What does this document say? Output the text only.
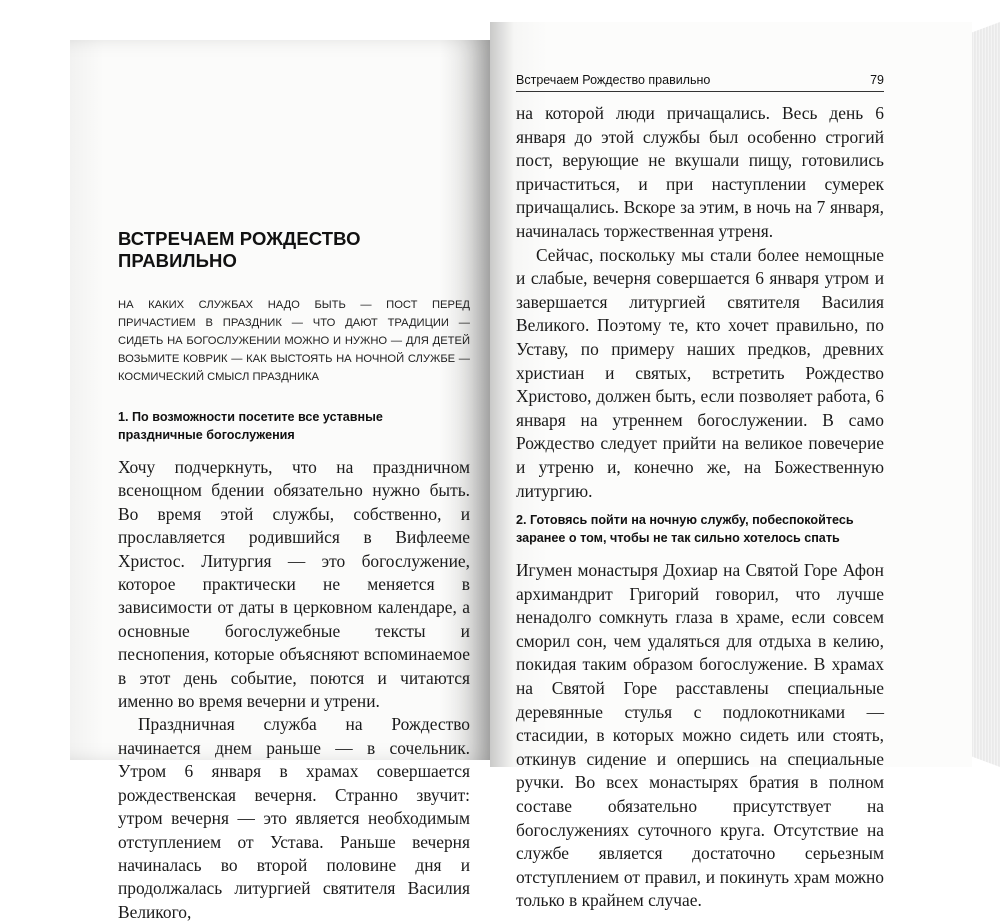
ВСТРЕЧАЕМ РОЖДЕСТВО ПРАВИЛЬНО

НА КАКИХ СЛУЖБАХ НАДО БЫТЬ — ПОСТ ПЕРЕД ПРИЧАСТИЕМ В ПРАЗДНИК — ЧТО ДАЮТ ТРАДИЦИИ — СИДЕТЬ НА БОГОСЛУЖЕНИИ МОЖНО И НУЖНО — ДЛЯ ДЕТЕЙ ВОЗЬМИТЕ КОВРИК — КАК ВЫСТОЯТЬ НА НОЧНОЙ СЛУЖБЕ — КОСМИЧЕСКИЙ СМЫСЛ ПРАЗДНИКА

1. По возможности посетите все уставные праздничные богослужения

Хочу подчеркнуть, что на праздничном всенощном бдении обязательно нужно быть. Во время этой службы, собственно, и прославляется родившийся в Вифлееме Христос. Литургия — это богослужение, которое практически не меняется в зависимости от даты в церковном календаре, а основные богослужебные тексты и песнопения, которые объясняют вспоминаемое в этот день событие, поются и читаются именно во время вечерни и утрени.

Праздничная служба на Рождество начинается днем раньше — в сочельник. Утром 6 января в храмах совершается рождественская вечерня. Странно звучит: утром вечерня — это является необходимым отступлением от Устава. Раньше вечерня начиналась во второй половине дня и продолжалась литургией святителя Василия Великого,

Встречаем Рождество правильно	79

на которой люди причащались. Весь день 6 января до этой службы был особенно строгий пост, верующие не вкушали пищу, готовились причаститься, и при наступлении сумерек причащались. Вскоре за этим, в ночь на 7 января, начиналась торжественная утреня.

Сейчас, поскольку мы стали более немощные и слабые, вечерня совершается 6 января утром и завершается литургией святителя Василия Великого. Поэтому те, кто хочет правильно, по Уставу, по примеру наших предков, древних христиан и святых, встретить Рождество Христово, должен быть, если позволяет работа, 6 января на утреннем богослужении. В само Рождество следует прийти на великое повечерие и утреню и, конечно же, на Божественную литургию.

2. Готовясь пойти на ночную службу, побеспокойтесь заранее о том, чтобы не так сильно хотелось спать

Игумен монастыря Дохиар на Святой Горе Афон архимандрит Григорий говорил, что лучше ненадолго сомкнуть глаза в храме, если совсем сморил сон, чем удаляться для отдыха в келию, покидая таким образом богослужение. В храмах на Святой Горе расставлены специальные деревянные стулья с подлокотниками — стасидии, в которых можно сидеть или стоять, откинув сидение и опершись на специальные ручки. Во всех монастырях братия в полном составе обязательно присутствует на богослужениях суточного круга. Отсутствие на службе является достаточно серьезным отступлением от правил, и покинуть храм можно только в крайнем случае.
